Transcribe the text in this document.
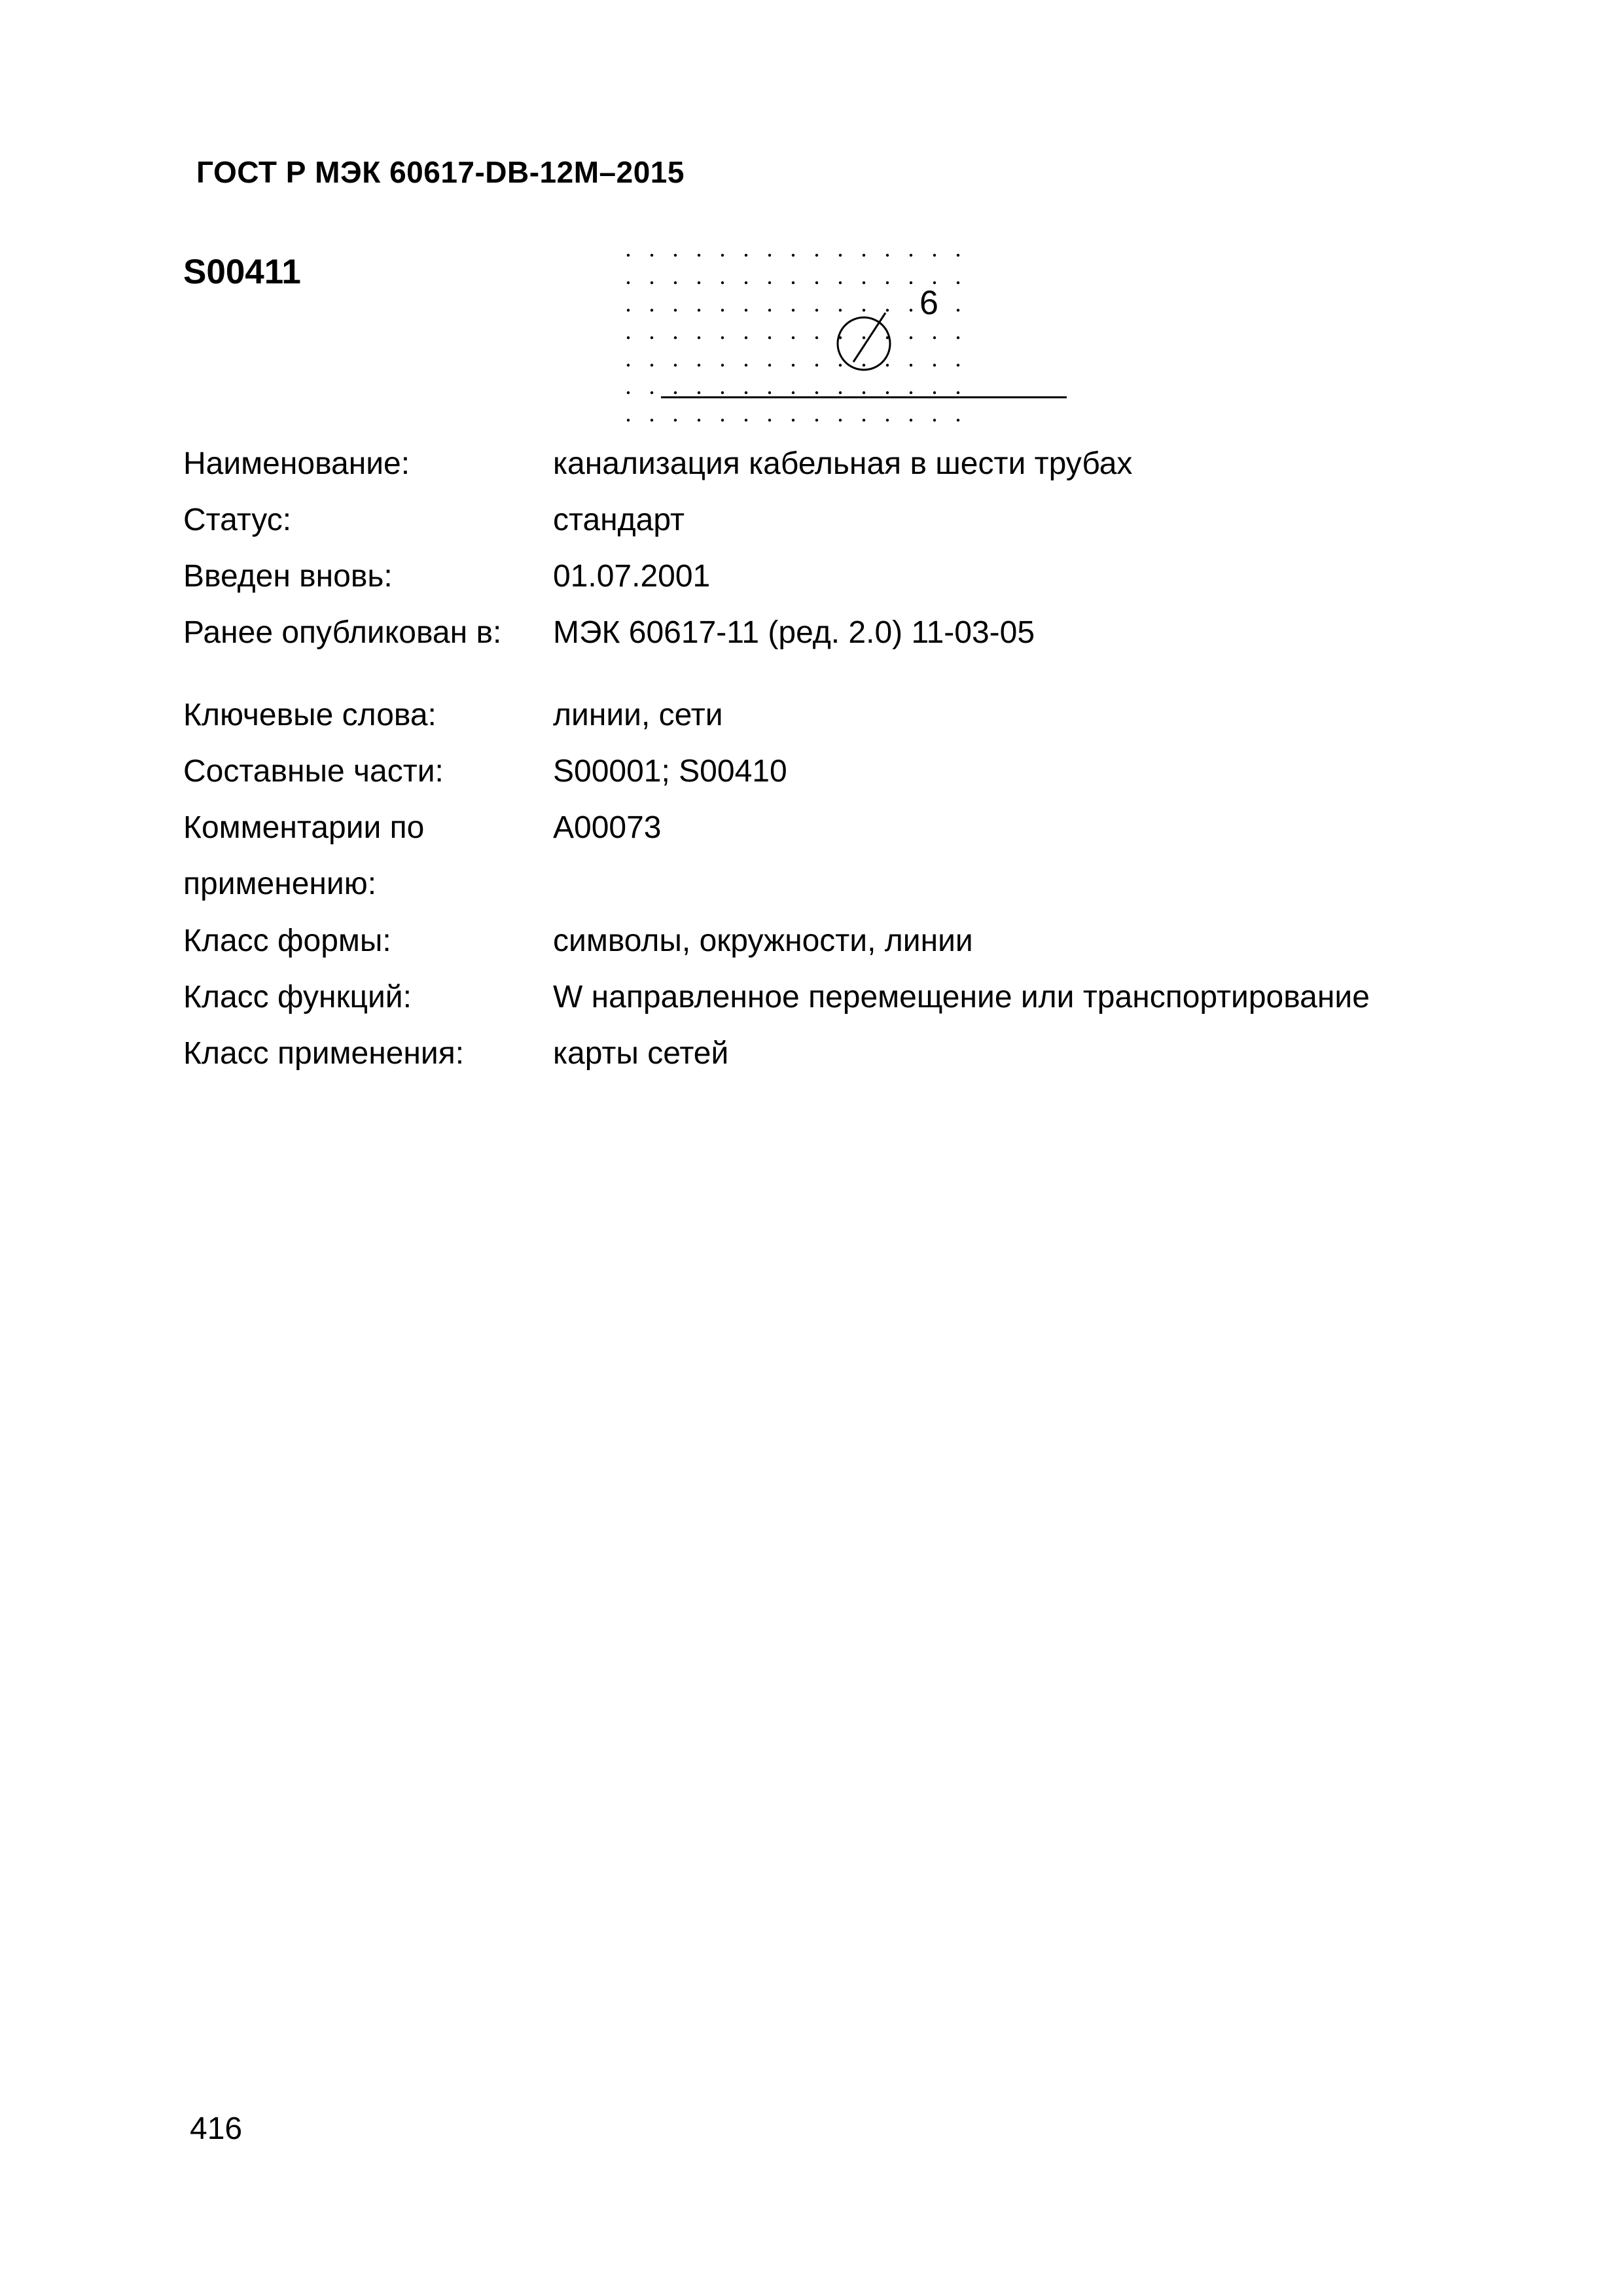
ГОСТ Р МЭК 60617-DB-12М–2015
S00411
6
Наименование:	канализация кабельная в шести трубах
Статус:	стандарт
Введен вновь:	01.07.2001
Ранее опубликован в:	МЭК 60617-11 (ред. 2.0) 11-03-05
Ключевые слова:	линии, сети
Составные части:	S00001; S00410
Комментарии по применению:
A00073
Класс формы:	символы, окружности, линии
Класс функций:	W направленное перемещение или транспортирование
Класс применения:	карты сетей
416
